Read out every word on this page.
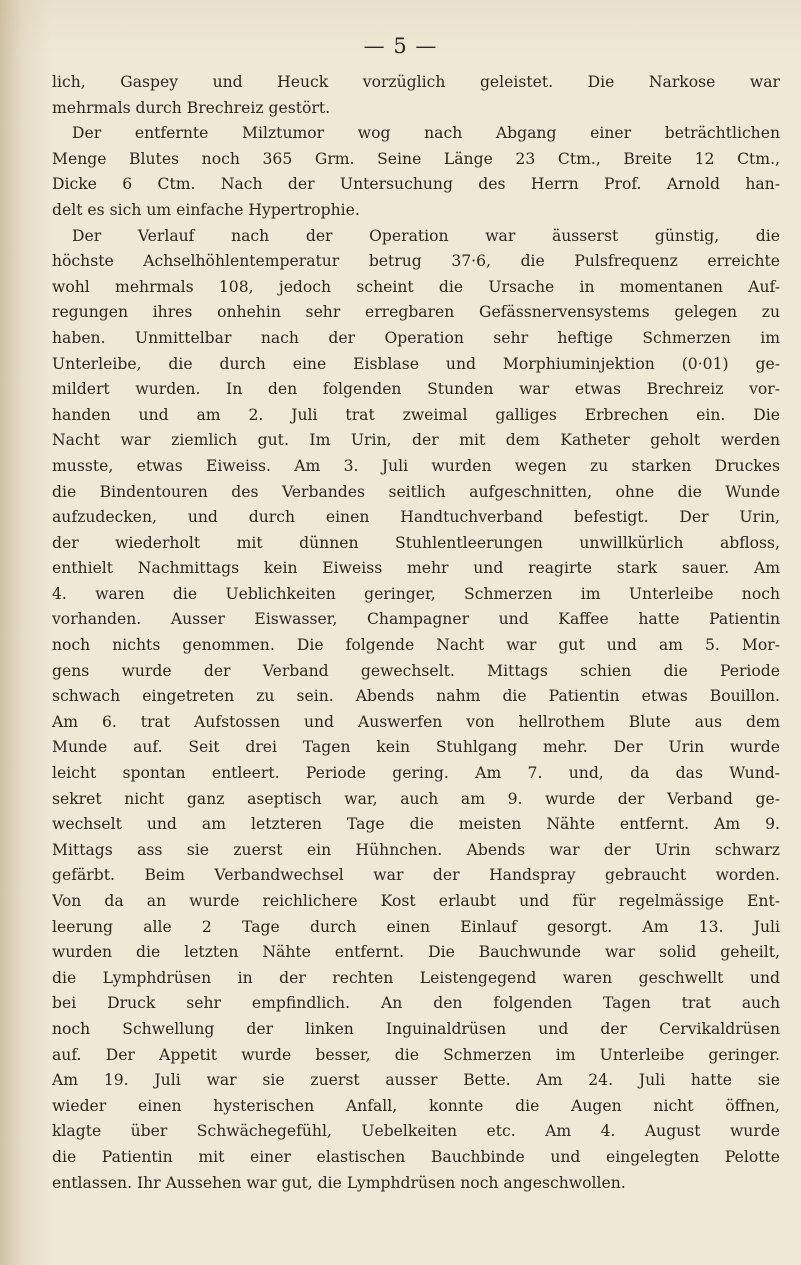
— 5 —
lich, Gaspey und Heuck vorzüglich geleistet. Die Narkose war
mehrmals durch Brechreiz gestört.
Der entfernte Milztumor wog nach Abgang einer beträchtlichen
Menge Blutes noch 365 Grm. Seine Länge 23 Ctm., Breite 12 Ctm.,
Dicke 6 Ctm. Nach der Untersuchung des Herrn Prof. Arnold han-
delt es sich um einfache Hypertrophie.
Der Verlauf nach der Operation war äusserst günstig, die
höchste Achselhöhlentemperatur betrug 37·6, die Pulsfrequenz erreichte
wohl mehrmals 108, jedoch scheint die Ursache in momentanen Auf-
regungen ihres onhehin sehr erregbaren Gefässnervensystems gelegen zu
haben. Unmittelbar nach der Operation sehr heftige Schmerzen im
Unterleibe, die durch eine Eisblase und Morphiuminjektion (0·01) ge-
mildert wurden. In den folgenden Stunden war etwas Brechreiz vor-
handen und am 2. Juli trat zweimal galliges Erbrechen ein. Die
Nacht war ziemlich gut. Im Urin, der mit dem Katheter geholt werden
musste, etwas Eiweiss. Am 3. Juli wurden wegen zu starken Druckes
die Bindentouren des Verbandes seitlich aufgeschnitten, ohne die Wunde
aufzudecken, und durch einen Handtuchverband befestigt. Der Urin,
der wiederholt mit dünnen Stuhlentleerungen unwillkürlich abfloss,
enthielt Nachmittags kein Eiweiss mehr und reagirte stark sauer. Am
4. waren die Ueblichkeiten geringer, Schmerzen im Unterleibe noch
vorhanden. Ausser Eiswasser, Champagner und Kaffee hatte Patientin
noch nichts genommen. Die folgende Nacht war gut und am 5. Mor-
gens wurde der Verband gewechselt. Mittags schien die Periode
schwach eingetreten zu sein. Abends nahm die Patientin etwas Bouillon.
Am 6. trat Aufstossen und Auswerfen von hellrothem Blute aus dem
Munde auf. Seit drei Tagen kein Stuhlgang mehr. Der Urin wurde
leicht spontan entleert. Periode gering. Am 7. und, da das Wund-
sekret nicht ganz aseptisch war, auch am 9. wurde der Verband ge-
wechselt und am letzteren Tage die meisten Nähte entfernt. Am 9.
Mittags ass sie zuerst ein Hühnchen. Abends war der Urin schwarz
gefärbt. Beim Verbandwechsel war der Handspray gebraucht worden.
Von da an wurde reichlichere Kost erlaubt und für regelmässige Ent-
leerung alle 2 Tage durch einen Einlauf gesorgt. Am 13. Juli
wurden die letzten Nähte entfernt. Die Bauchwunde war solid geheilt,
die Lymphdrüsen in der rechten Leistengegend waren geschwellt und
bei Druck sehr empfindlich. An den folgenden Tagen trat auch
noch Schwellung der linken Inguinaldrüsen und der Cervikaldrüsen
auf. Der Appetit wurde besser, die Schmerzen im Unterleibe geringer.
Am 19. Juli war sie zuerst ausser Bette. Am 24. Juli hatte sie
wieder einen hysterischen Anfall, konnte die Augen nicht öffnen,
klagte über Schwächegefühl, Uebelkeiten etc. Am 4. August wurde
die Patientin mit einer elastischen Bauchbinde und eingelegten Pelotte
entlassen. Ihr Aussehen war gut, die Lymphdrüsen noch angeschwollen.
